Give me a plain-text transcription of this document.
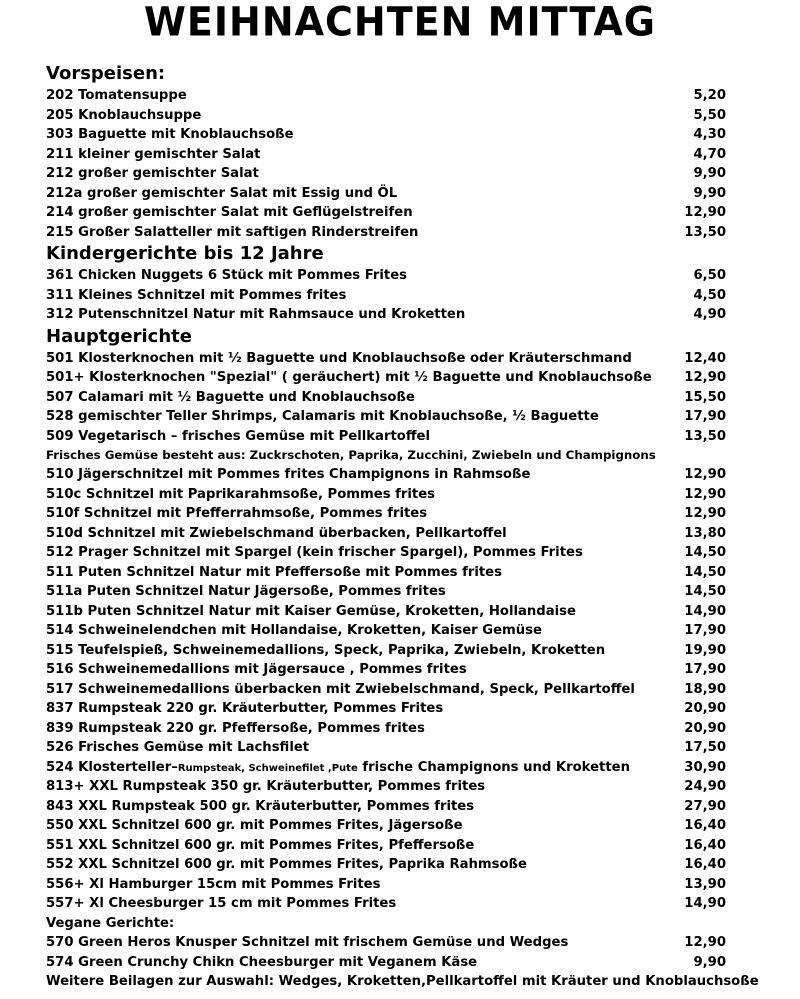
WEIHNACHTEN MITTAG
Vorspeisen:
202 Tomatensuppe	5,20
205 Knoblauchsuppe	5,50
303 Baguette mit Knoblauchsoße	4,30
211 kleiner gemischter Salat	4,70
212 großer gemischter Salat	9,90
212a großer gemischter Salat mit Essig und ÖL	9,90
214 großer gemischter Salat mit Geflügelstreifen	12,90
215 Großer Salatteller mit saftigen Rinderstreifen	13,50
Kindergerichte bis 12 Jahre
361 Chicken Nuggets 6 Stück mit Pommes Frites	6,50
311 Kleines Schnitzel mit Pommes frites	4,50
312 Putenschnitzel Natur mit Rahmsauce und Kroketten	4,90
Hauptgerichte
501 Klosterknochen mit ½ Baguette und Knoblauchsoße oder Kräuterschmand	12,40
501+ Klosterknochen "Spezial" ( geräuchert) mit ½ Baguette und Knoblauchsoße 12,90
507 Calamari mit ½ Baguette und Knoblauchsoße	15,50
528 gemischter Teller Shrimps, Calamaris mit Knoblauchsoße, ½ Baguette	17,90
509 Vegetarisch – frisches Gemüse mit Pellkartoffel	13,50
Frisches Gemüse besteht aus: Zuckrschoten, Paprika, Zucchini, Zwiebeln und Champignons
510 Jägerschnitzel mit Pommes frites Champignons in Rahmsoße	12,90
510c Schnitzel mit Paprikarahmsoße, Pommes frites	12,90
510f Schnitzel mit Pfefferrahmsoße, Pommes frites	12,90
510d Schnitzel mit Zwiebelschmand überbacken, Pellkartoffel	13,80
512 Prager Schnitzel mit Spargel (kein frischer Spargel), Pommes Frites	14,50
511 Puten Schnitzel Natur mit Pfeffersoße mit Pommes frites	14,50
511a Puten Schnitzel Natur Jägersoße, Pommes frites	14,50
511b Puten Schnitzel Natur mit Kaiser Gemüse, Kroketten, Hollandaise	14,90
514 Schweinelendchen mit Hollandaise, Kroketten, Kaiser Gemüse	17,90
515 Teufelspieß, Schweinemedallions, Speck, Paprika, Zwiebeln, Kroketten	19,90
516 Schweinemedallions mit Jägersauce , Pommes frites	17,90
517 Schweinemedallions überbacken mit Zwiebelschmand, Speck, Pellkartoffel	18,90
837 Rumpsteak 220 gr. Kräuterbutter, Pommes Frites	20,90
839 Rumpsteak 220 gr. Pfeffersoße, Pommes frites	20,90
526 Frisches Gemüse mit Lachsfilet	17,50
524 Klosterteller–Rumpsteak, Schweinefilet ,Pute frische Champignons und Kroketten	30,90
813+ XXL Rumpsteak 350 gr. Kräuterbutter, Pommes frites	24,90
843 XXL Rumpsteak 500 gr. Kräuterbutter, Pommes frites	27,90
550 XXL Schnitzel 600 gr. mit Pommes Frites, Jägersoße	16,40
551 XXL Schnitzel 600 gr. mit Pommes Frites, Pfeffersoße	16,40
552 XXL Schnitzel 600 gr. mit Pommes Frites, Paprika Rahmsoße	16,40
556+ Xl Hamburger 15cm mit Pommes Frites	13,90
557+ Xl Cheesburger 15 cm mit Pommes Frites	14,90
Vegane Gerichte:
570 Green Heros Knusper Schnitzel mit frischem Gemüse und Wedges	12,90
574 Green Crunchy Chikn Cheesburger mit Veganem Käse	9,90
Weitere Beilagen zur Auswahl: Wedges, Kroketten,Pellkartoffel mit Kräuter und Knoblauchsoße
